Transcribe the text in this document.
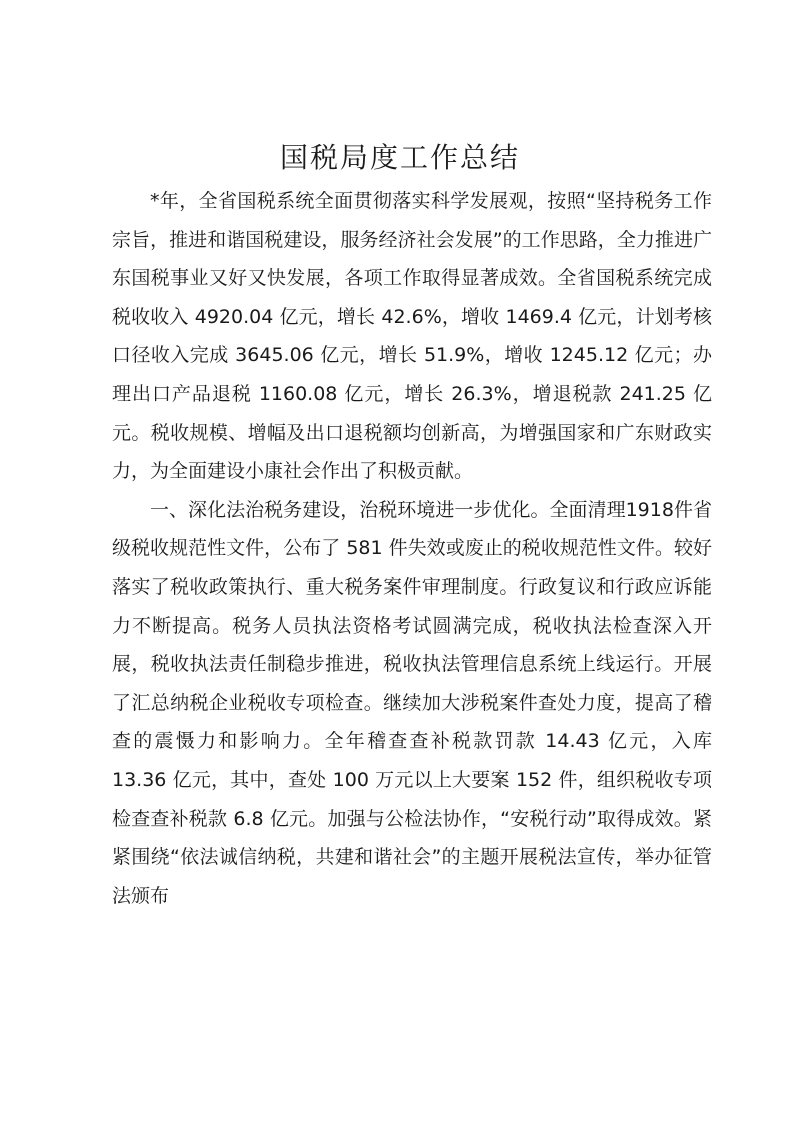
国税局度工作总结

*年，全省国税系统全面贯彻落实科学发展观，按照“坚持税务工作宗旨，推进和谐国税建设，服务经济社会发展”的工作思路，全力推进广东国税事业又好又快发展，各项工作取得显著成效。全省国税系统完成税收收入 4920.04 亿元，增长 42.6%，增收 1469.4 亿元，计划考核口径收入完成 3645.06 亿元，增长 51.9%，增收 1245.12 亿元；办理出口产品退税 1160.08 亿元，增长 26.3%，增退税款 241.25 亿元。税收规模、增幅及出口退税额均创新高，为增强国家和广东财政实力，为全面建设小康社会作出了积极贡献。

一、深化法治税务建设，治税环境进一步优化。全面清理1918件省级税收规范性文件，公布了 581 件失效或废止的税收规范性文件。较好落实了税收政策执行、重大税务案件审理制度。行政复议和行政应诉能力不断提高。税务人员执法资格考试圆满完成，税收执法检查深入开展，税收执法责任制稳步推进，税收执法管理信息系统上线运行。开展了汇总纳税企业税收专项检查。继续加大涉税案件查处力度，提高了稽查的震慑力和影响力。全年稽查查补税款罚款 14.43 亿元，入库 13.36 亿元，其中，查处 100 万元以上大要案 152 件，组织税收专项检查查补税款 6.8 亿元。加强与公检法协作，“安税行动”取得成效。紧紧围绕“依法诚信纳税，共建和谐社会”的主题开展税法宣传，举办征管法颁布
